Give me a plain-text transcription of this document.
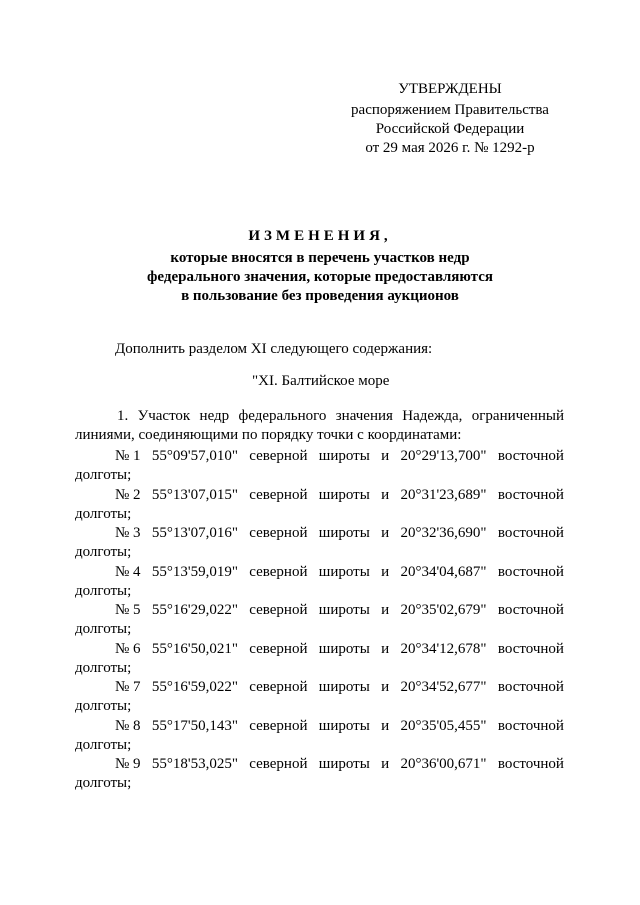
УТВЕРЖДЕНЫ
распоряжением Правительства
Российской Федерации
от 29 мая 2026 г. № 1292-р
ИЗМЕНЕНИЯ,
которые вносятся в перечень участков недр
федерального значения, которые предоставляются
в пользование без проведения аукционов
Дополнить разделом XI следующего содержания:
"XI. Балтийское море
1. Участок недр федерального значения Надежда, ограниченный линиями, соединяющими по порядку точки с координатами:
№ 1 55°09'57,010" северной широты и 20°29'13,700" восточной
долготы;
№ 2 55°13'07,015" северной широты и 20°31'23,689" восточной
долготы;
№ 3 55°13'07,016" северной широты и 20°32'36,690" восточной
долготы;
№ 4 55°13'59,019" северной широты и 20°34'04,687" восточной
долготы;
№ 5 55°16'29,022" северной широты и 20°35'02,679" восточной
долготы;
№ 6 55°16'50,021" северной широты и 20°34'12,678" восточной
долготы;
№ 7 55°16'59,022" северной широты и 20°34'52,677" восточной
долготы;
№ 8 55°17'50,143" северной широты и 20°35'05,455" восточной
долготы;
№ 9 55°18'53,025" северной широты и 20°36'00,671" восточной
долготы;
